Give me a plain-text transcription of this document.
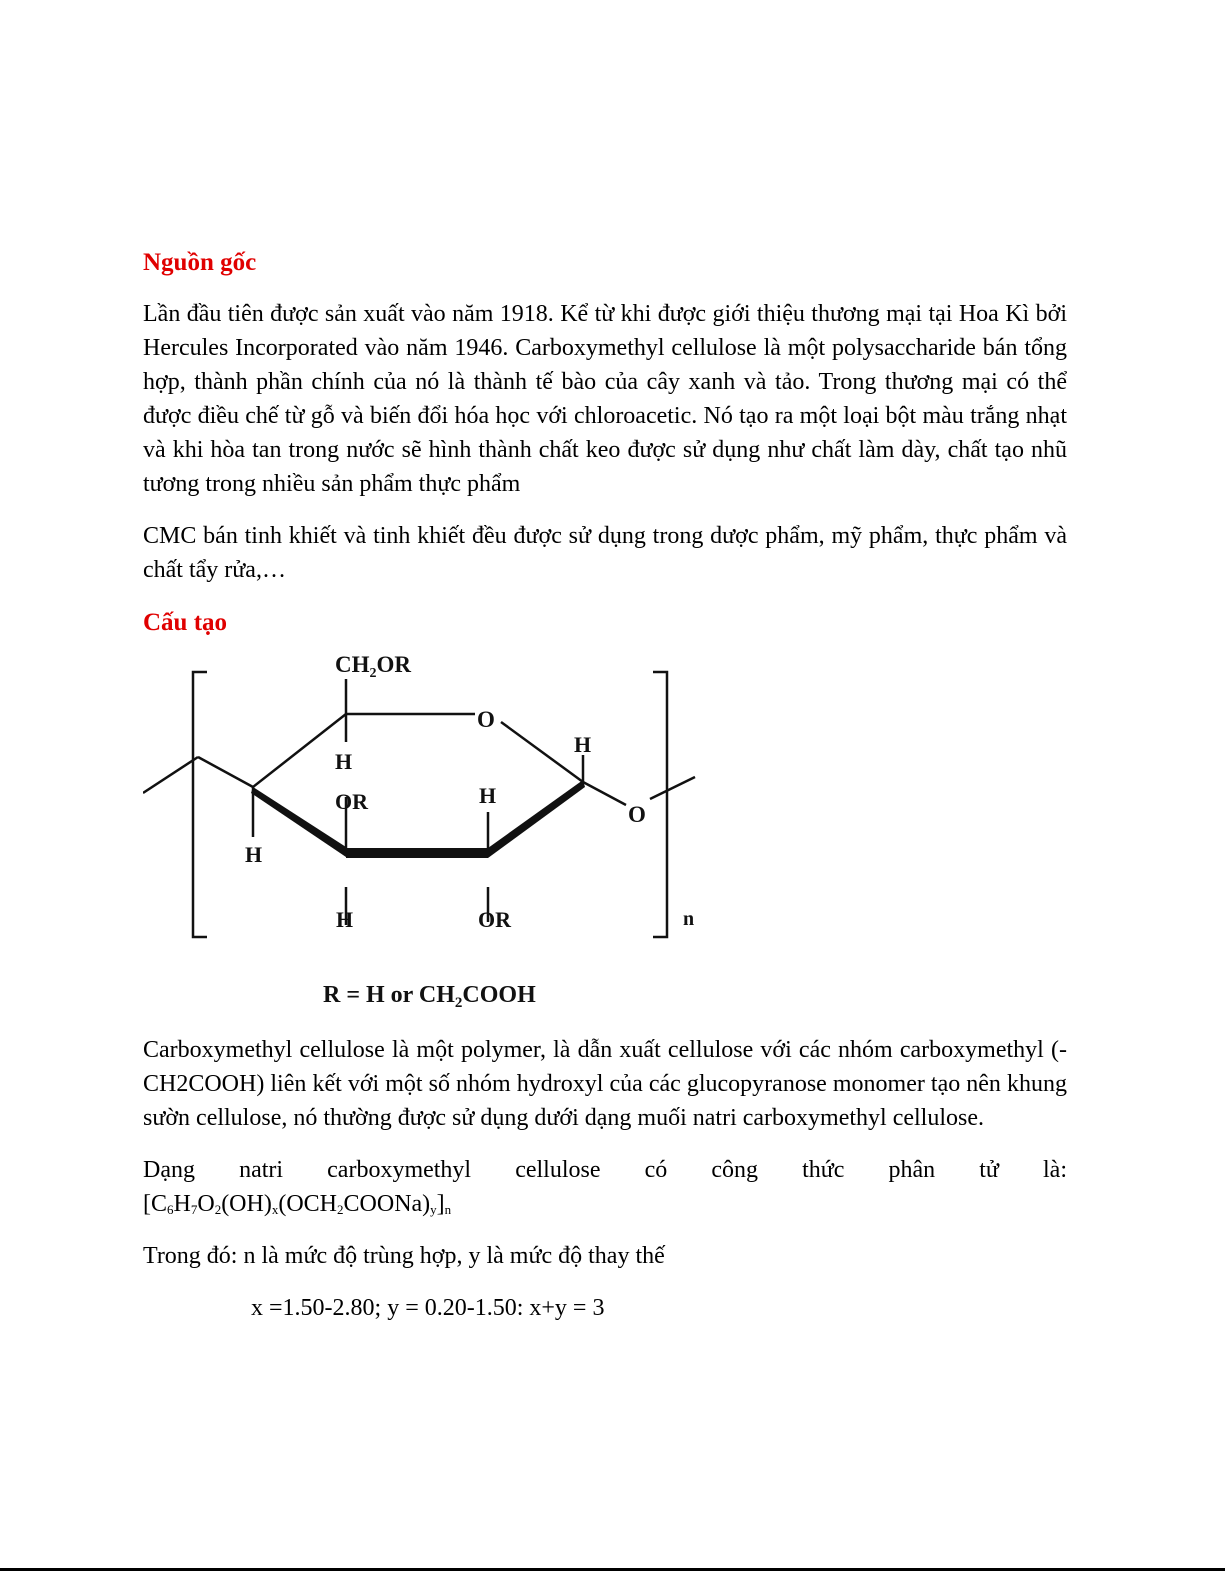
Nguồn gốc

Lần đầu tiên được sản xuất vào năm 1918. Kể từ khi được giới thiệu thương mại tại Hoa Kì bởi Hercules Incorporated vào năm 1946. Carboxymethyl cellulose là một polysaccharide bán tổng hợp, thành phần chính của nó là thành tế bào của cây xanh và tảo. Trong thương mại có thể được điều chế từ gỗ và biến đổi hóa học với chloroacetic. Nó tạo ra một loại bột màu trắng nhạt và khi hòa tan trong nước sẽ hình thành chất keo được sử dụng như chất làm dày, chất tạo nhũ tương trong nhiều sản phẩm thực phẩm

CMC bán tinh khiết và tinh khiết đều được sử dụng trong dược phẩm, mỹ phẩm, thực phẩm và chất tẩy rửa,…

Cấu tạo
$CH_2OR$
O
O
H
H
H
H
H
OR
OR	n
R = H or $CH_2COOH$

Carboxymethyl cellulose là một polymer, là dẫn xuất cellulose với các nhóm carboxymethyl (-CH2COOH) liên kết với một số nhóm hydroxyl của các glucopyranose monomer tạo nên khung sườn cellulose, nó thường được sử dụng dưới dạng muối natri carboxymethyl cellulose.

Dạng natri carboxymethyl cellulose có công thức phân tử là:

$[C_6H_7O_2(OH)_x(OCH_2COONa)_y]_n$

Trong đó: n là mức độ trùng hợp, y là mức độ thay thế

x =1.50-2.80; y = 0.20-1.50: x+y = 3
